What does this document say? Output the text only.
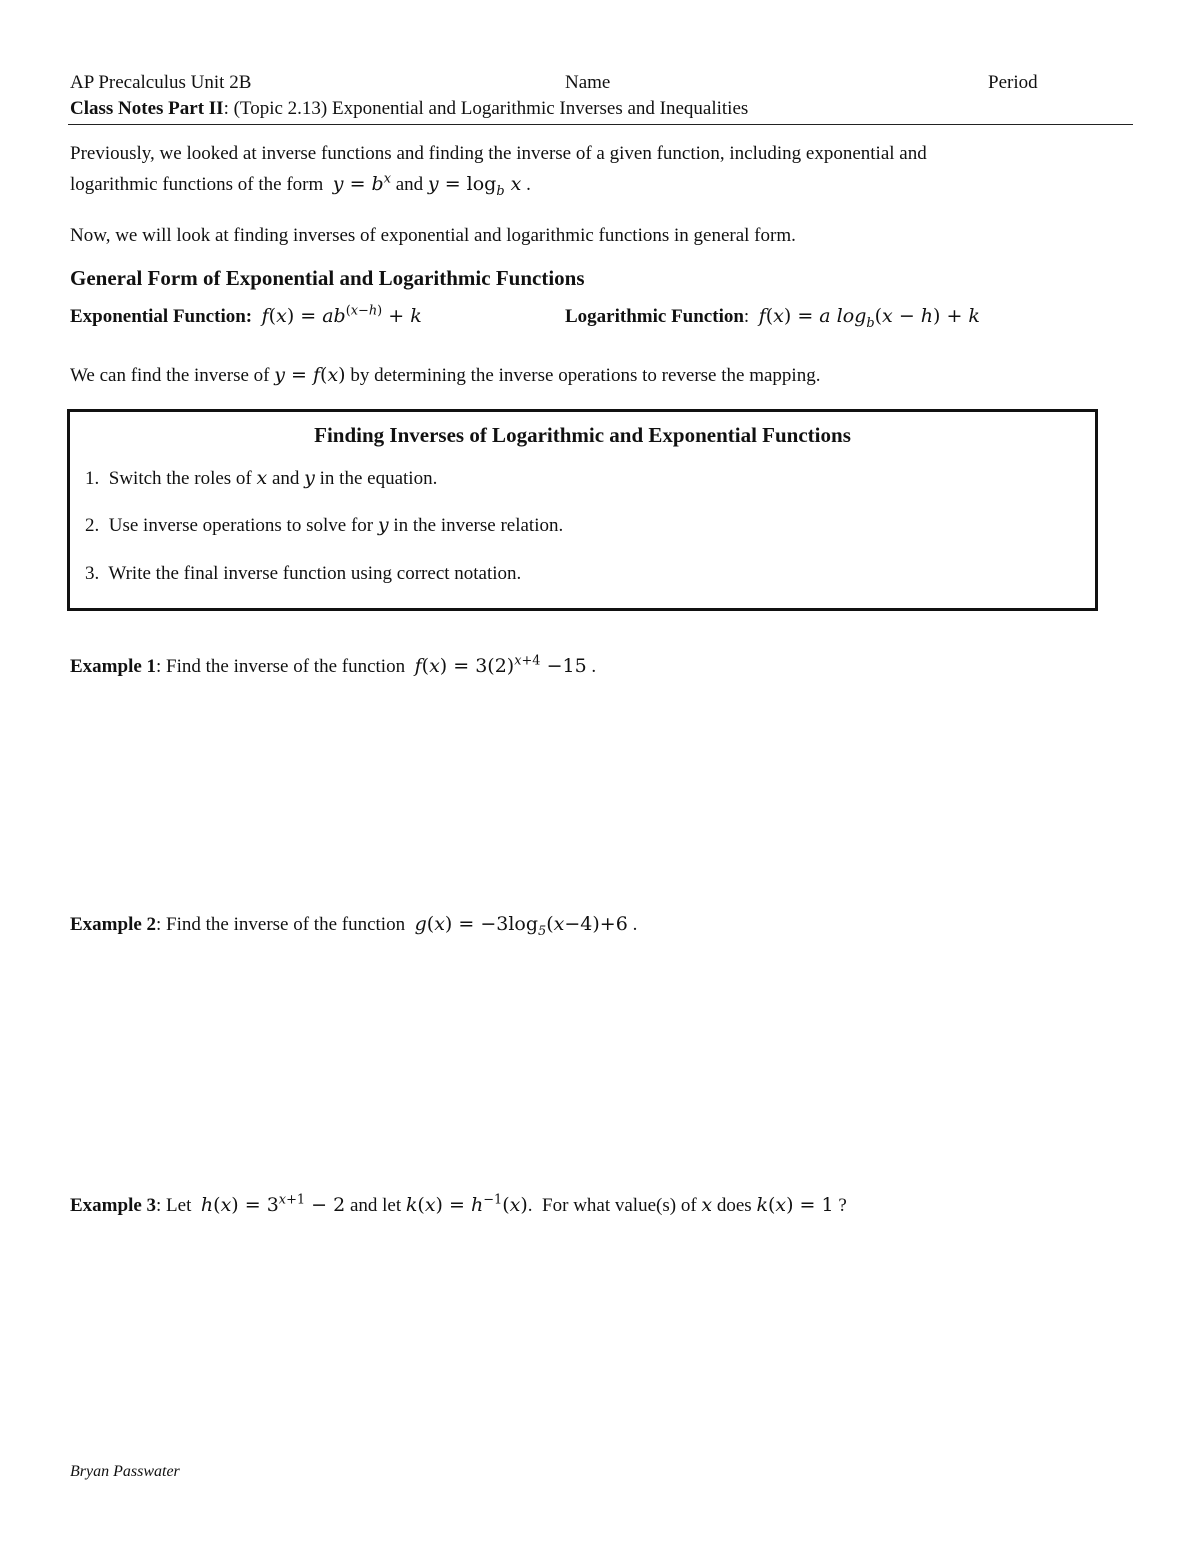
AP Precalculus Unit 2B	Name	Period
Class Notes Part II: (Topic 2.13) Exponential and Logarithmic Inverses and Inequalities
Previously, we looked at inverse functions and finding the inverse of a given function, including exponential and
logarithmic functions of the form $y = b^x$ and $y = \log_b x$ .
Now, we will look at finding inverses of exponential and logarithmic functions in general form.
General Form of Exponential and Logarithmic Functions
Exponential Function: $f(x) = ab^{(x-h)} + k$	Logarithmic Function: f(x) = a $\log_b(x - h) + k$
We can find the inverse of y = f(x) by determining the inverse operations to reverse the mapping.
Finding Inverses of Logarithmic and Exponential Functions
1. Switch the roles of x and y in the equation.
2. Use inverse operations to solve for y in the inverse relation.
3. Write the final inverse function using correct notation.
Example 1: Find the inverse of the function $f(x) = 3(2)^{x+4} -15$ .
Example 2: Find the inverse of the function $g(x) = -3\log_5(x-4)+6$ .
Example 3: Let $h(x) = 3^{x+1} - 2$ and let $k(x) = h^{-1}(x)$.  For what value(s) of x does k(x) = 1 ?
Bryan Passwater
